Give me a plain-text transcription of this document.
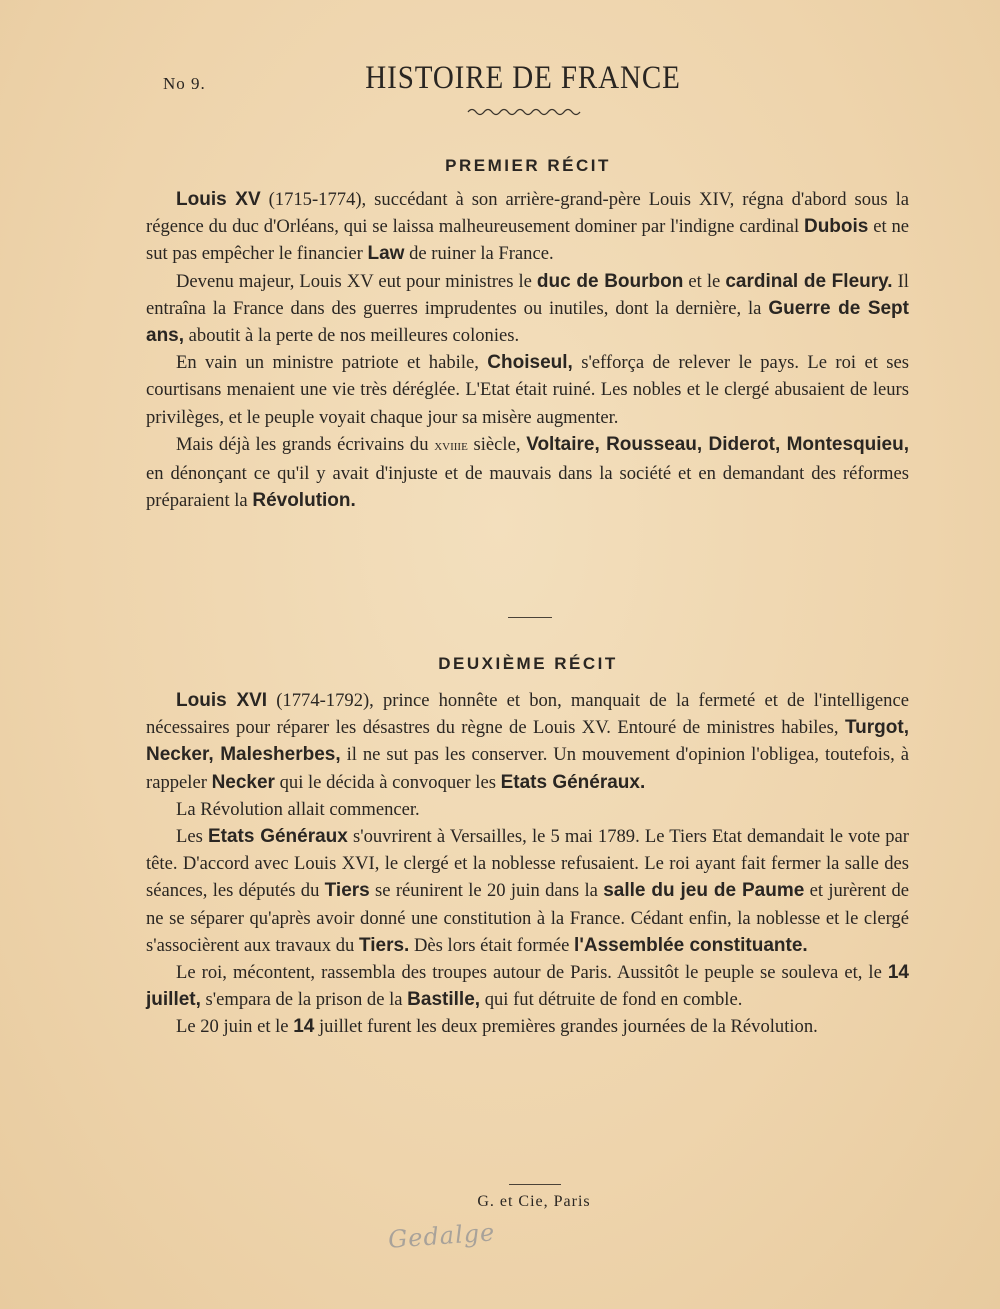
No 9.	HISTOIRE DE FRANCE
PREMIER RÉCIT

Louis XV (1715-1774), succédant à son arrière-grand-père Louis XIV, régna d'abord sous la régence du duc d'Orléans, qui se laissa malheureusement dominer par l'indigne cardinal Dubois et ne sut pas empêcher le financier Law de ruiner la France.

Devenu majeur, Louis XV eut pour ministres le duc de Bourbon et le cardinal de Fleury. Il entraîna la France dans des guerres imprudentes ou inutiles, dont la dernière, la Guerre de Sept ans, aboutit à la perte de nos meilleures colonies.

En vain un ministre patriote et habile, Choiseul, s'efforça de relever le pays. Le roi et ses courtisans menaient une vie très déréglée. L'Etat était ruiné. Les nobles et le clergé abusaient de leurs privilèges, et le peuple voyait chaque jour sa misère augmenter.

Mais déjà les grands écrivains du xviiie siècle, Voltaire, Rousseau, Diderot, Montesquieu, en dénonçant ce qu'il y avait d'injuste et de mauvais dans la société et en demandant des réformes préparaient la Révolution.

DEUXIÈME RÉCIT

Louis XVI (1774-1792), prince honnête et bon, manquait de la fermeté et de l'intelligence nécessaires pour réparer les désastres du règne de Louis XV. Entouré de ministres habiles, Turgot, Necker, Malesherbes, il ne sut pas les conserver. Un mouvement d'opinion l'obligea, toutefois, à rappeler Necker qui le décida à convoquer les Etats Généraux.

La Révolution allait commencer.

Les Etats Généraux s'ouvrirent à Versailles, le 5 mai 1789. Le Tiers Etat demandait le vote par tête. D'accord avec Louis XVI, le clergé et la noblesse refusaient. Le roi ayant fait fermer la salle des séances, les députés du Tiers se réunirent le 20 juin dans la salle du jeu de Paume et jurèrent de ne se séparer qu'après avoir donné une constitution à la France. Cédant enfin, la noblesse et le clergé s'associèrent aux travaux du Tiers. Dès lors était formée l'Assemblée constituante.

Le roi, mécontent, rassembla des troupes autour de Paris. Aussitôt le peuple se souleva et, le 14 juillet, s'empara de la prison de la Bastille, qui fut détruite de fond en comble.

Le 20 juin et le 14 juillet furent les deux premières grandes journées de la Révolution.

G. et Cie, Paris
Gedalge
